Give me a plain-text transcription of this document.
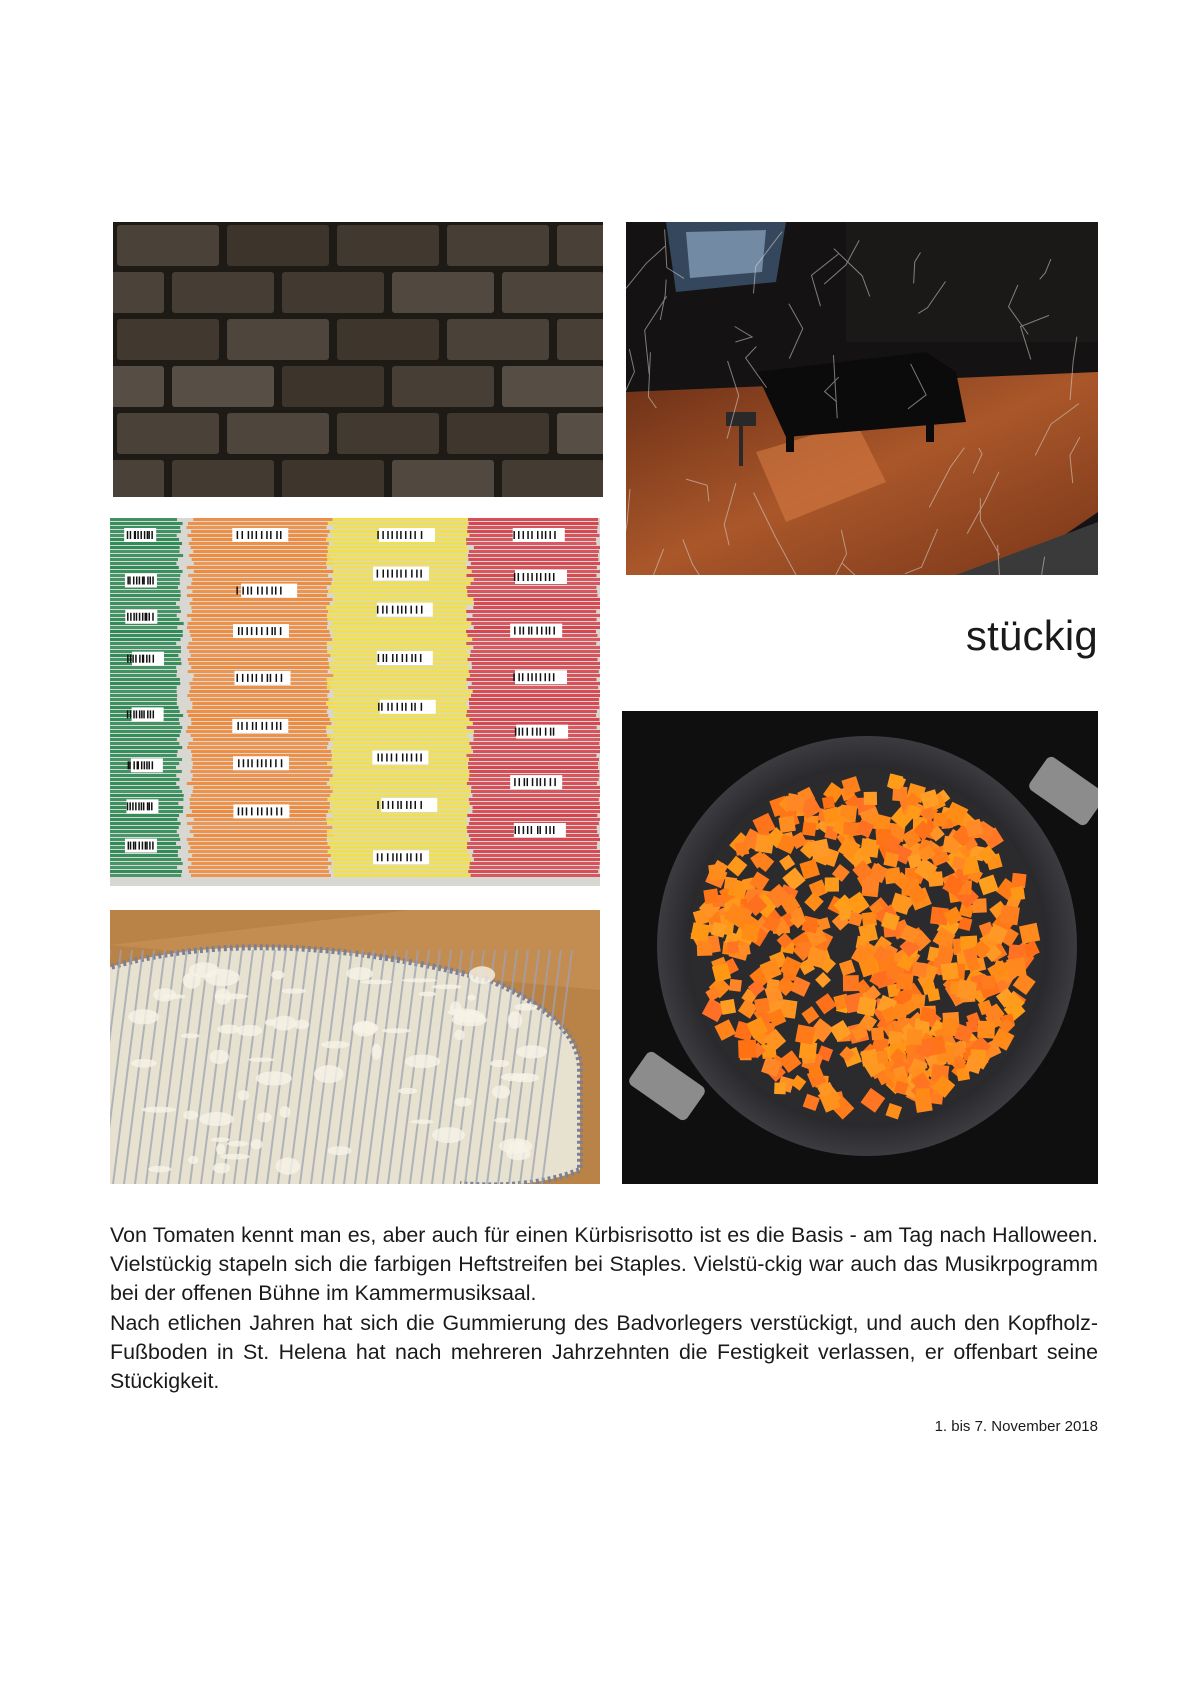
stückig

Von Tomaten kennt man es, aber auch für einen Kürbisrisotto ist es die Basis - am Tag nach Halloween. Vielstückig stapeln sich die farbigen Heftstreifen bei Staples. Vielstü-ckig war auch das Musikrpogramm bei der offenen Bühne im Kammermusiksaal.
Nach etlichen Jahren hat sich die Gummierung des Badvorlegers verstückigt, und auch den Kopfholz-Fußboden in St. Helena hat nach mehreren Jahrzehnten die Festigkeit verlassen, er offenbart seine Stückigkeit.

1. bis 7. November 2018
